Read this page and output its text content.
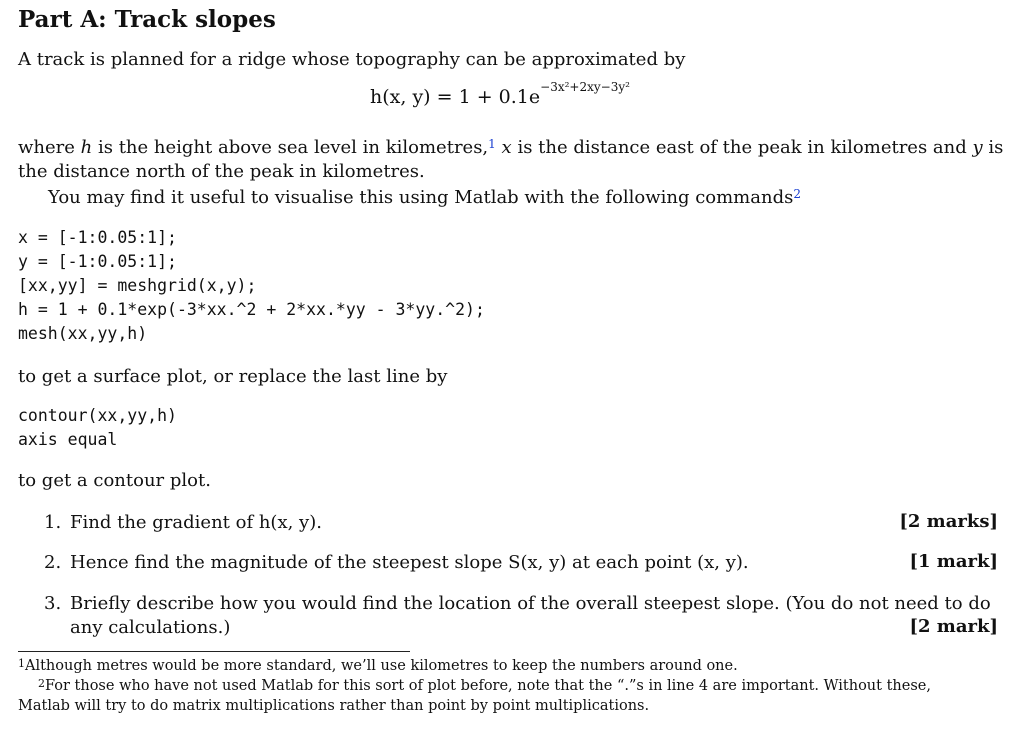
Part A: Track slopes
A track is planned for a ridge whose topography can be approximated by
h(x, $y) = 1 + 0.1e^{-3x^2+2xy-3y^2}$
where h is the height above sea level in kilometres,$^1$ x is the distance east of the peak in kilometres and y is
the distance north of the peak in kilometres.
You may find it useful to visualise this using Matlab with the following commands$^2$
x = [-1:0.05:1];
y = [-1:0.05:1];
[xx,yy] = meshgrid(x,y);
h = 1 + 0.1*exp(-3*xx.^2 + 2*xx.*yy - 3*yy.^2);
mesh(xx,yy,h)
to get a surface plot, or replace the last line by
contour(xx,yy,h)
axis equal
to get a contour plot.
1. Find the gradient of h(x, y).	[2 marks]
2. Hence find the magnitude of the steepest slope S(x, y) at each point (x, y).	[1 mark]
3. Briefly describe how you would find the location of the overall steepest slope. (You do not need to do
any calculations.)	[2 mark]
$^1$Although metres would be more standard, we’ll use kilometres to keep the numbers around one.
$^2$For those who have not used Matlab for this sort of plot before, note that the “.”s in line 4 are important. Without these,
Matlab will try to do matrix multiplications rather than point by point multiplications.
